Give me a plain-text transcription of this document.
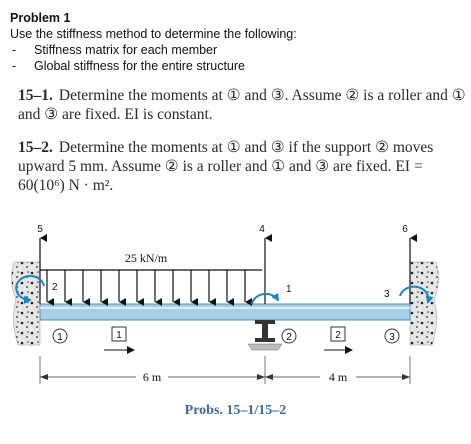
Problem 1
Use the stiffness method to determine the following:
-	Stiffness matrix for each member
-	Global stiffness for the entire structure
15–1. Determine the moments at ① and ③. Assume ② is a roller and ① and ③ are fixed. EI is constant.
15–2. Determine the moments at ① and ③ if the support ② moves upward 5 mm. Assume ② is a roller and ① and ③ are fixed. EI = 60(10⁶) N · m².
25 kN/m
5	4	6
2	1	3
1	2	3
1	2
6 m	4 m
Probs. 15–1/15–2
